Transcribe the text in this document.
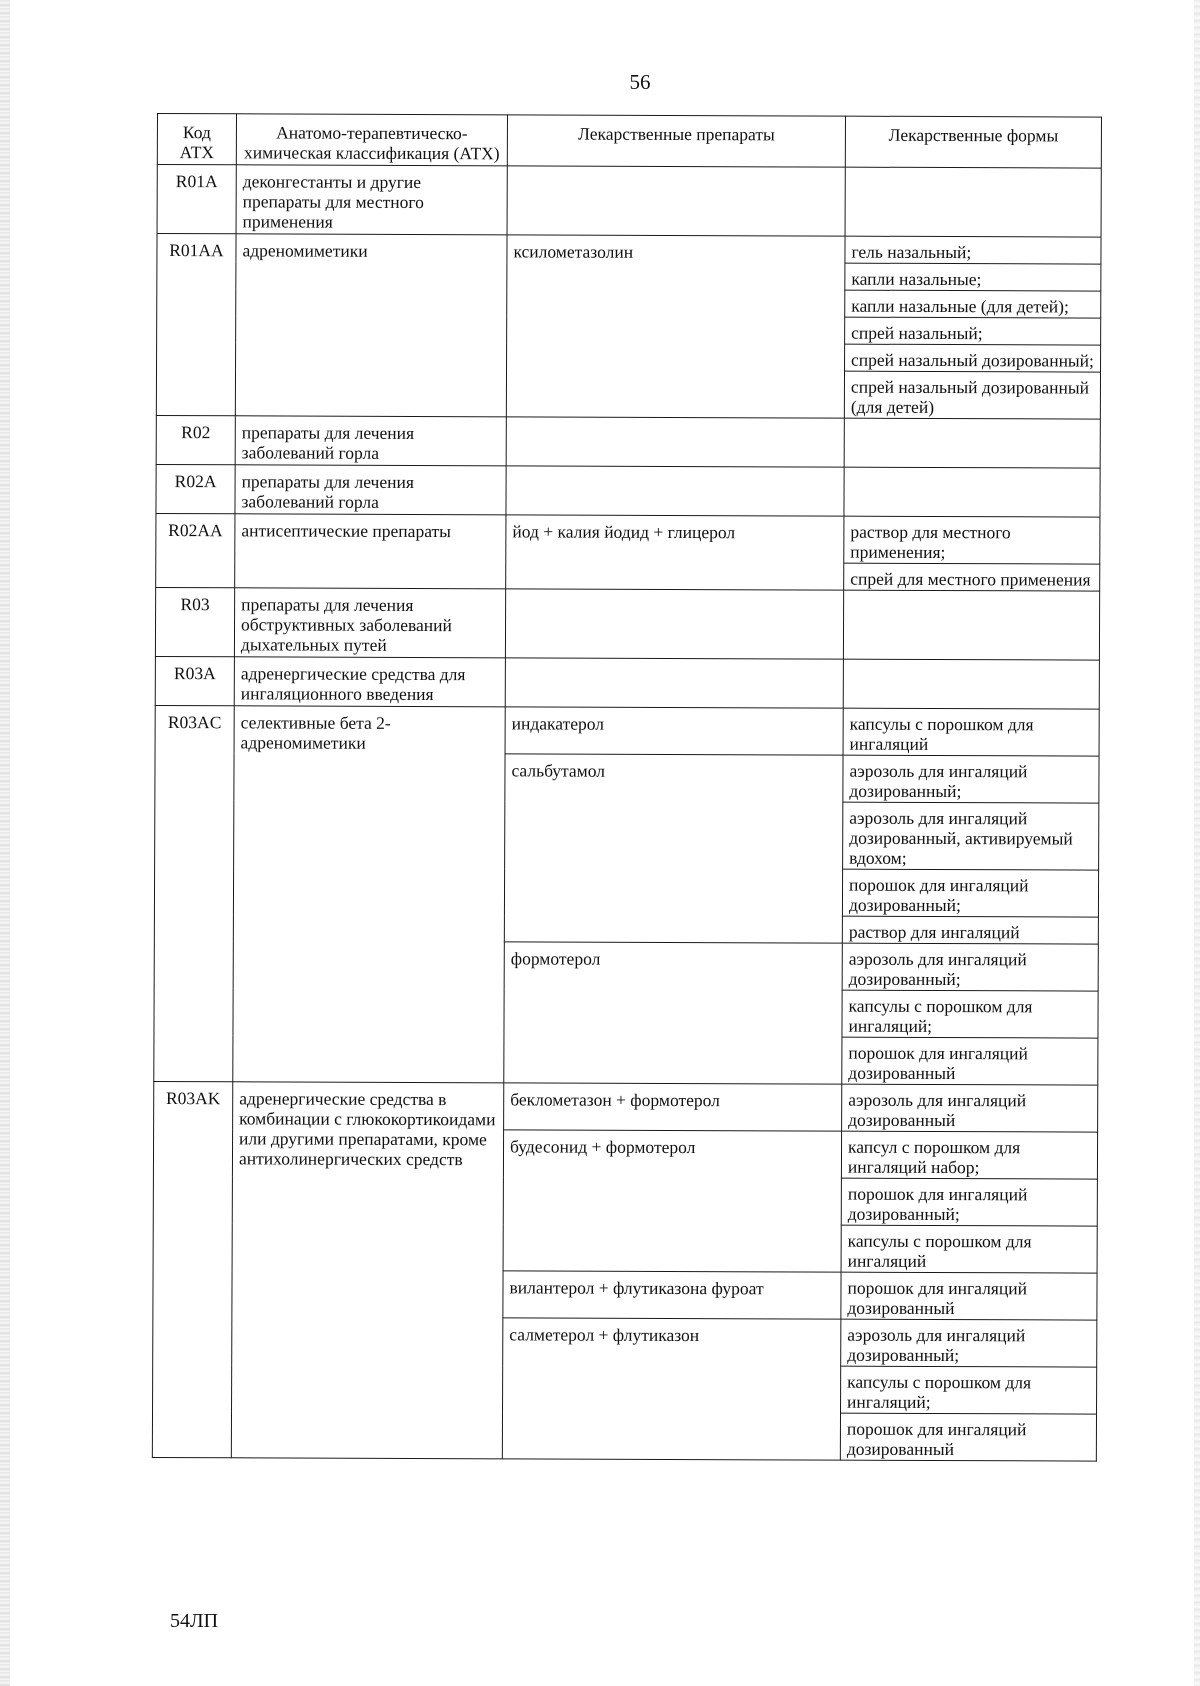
56
Код АТХ	Анатомо-терапевтическо-химическая классификация (АТХ)	Лекарственные препараты	Лекарственные формы
R01A	деконгестанты и другие препараты для местного применения		
R01AA	адреномиметики	ксилометазолин	гель назальный;
			капли назальные;
			капли назальные (для детей);
			спрей назальный;
			спрей назальный дозированный;
			спрей назальный дозированный (для детей)
R02	препараты для лечения заболеваний горла		
R02A	препараты для лечения заболеваний горла		
R02AA	антисептические препараты	йод + калия йодид + глицерол	раствор для местного применения;
			спрей для местного применения
R03	препараты для лечения обструктивных заболеваний дыхательных путей		
R03A	адренергические средства для ингаляционного введения		
R03AC	селективные бета 2-адреномиметики	индакатерол	капсулы с порошком для ингаляций
		сальбутамол	аэрозоль для ингаляций дозированный;
			аэрозоль для ингаляций дозированный, активируемый вдохом;
			порошок для ингаляций дозированный;
			раствор для ингаляций
		формотерол	аэрозоль для ингаляций дозированный;
			капсулы с порошком для ингаляций;
			порошок для ингаляций дозированный
R03AK	адренергические средства в комбинации с глюкокортикоидами или другими препаратами, кроме антихолинергических средств	беклометазон + формотерол	аэрозоль для ингаляций дозированный
		будесонид + формотерол	капсул с порошком для ингаляций набор;
			порошок для ингаляций дозированный;
			капсулы с порошком для ингаляций
		вилантерол + флутиказона фуроат	порошок для ингаляций дозированный
		салметерол + флутиказон	аэрозоль для ингаляций дозированный;
			капсулы с порошком для ингаляций;
			порошок для ингаляций дозированный
54ЛП
